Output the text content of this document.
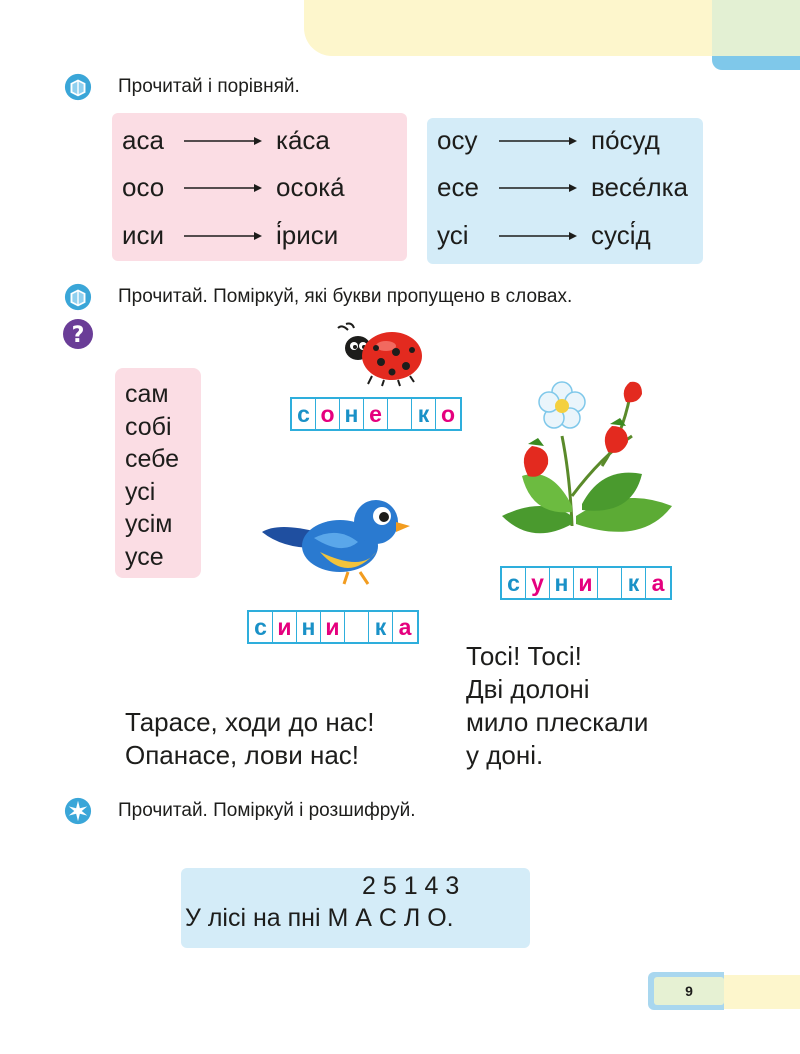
Прочитай і порівняй.
аса	ка́са
осо	осока́
иси	і́риси
осу	по́суд
есе	весе́лка
усі	сусі́д
Прочитай. Поміркуй, які букви пропущено в словах.
?
сам
собі
себе
усі
усім
усе
с о н е к о
с у н и к а
с и н и к а
Тосі! Тосі!
Дві долоні
мило плескали
у доні.
Тарасе, ходи до нас!
Опанасе, лови нас!
Прочитай. Поміркуй і розшифруй.
2 5 1 4 3
У лісі на пні М А С Л О.
9
